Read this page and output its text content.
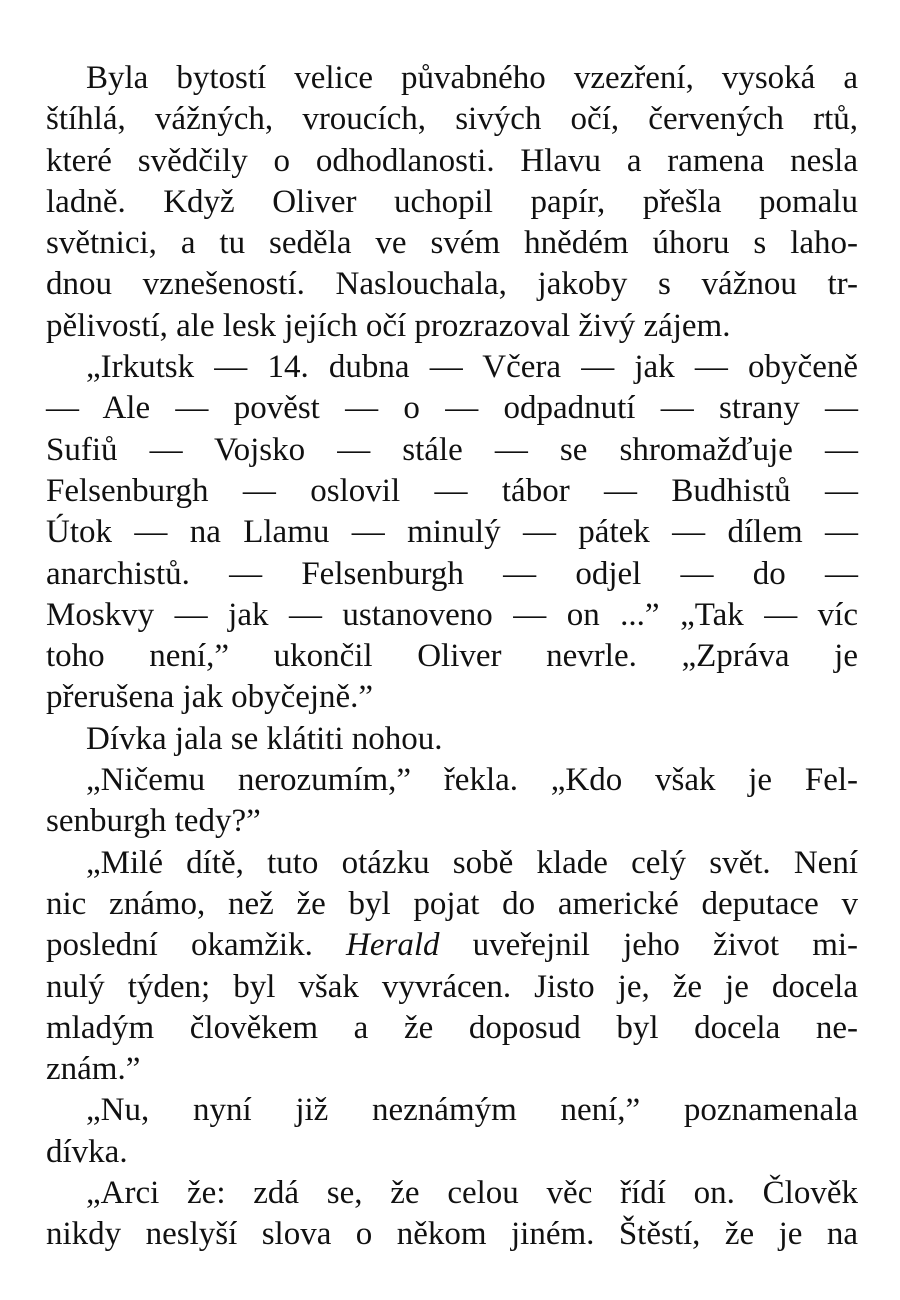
Byla bytostí velice půvabného vzezření, vysoká a
štíhlá, vážných, vroucích, sivých očí, červených rtů,
které svědčily o odhodlanosti. Hlavu a ramena nesla
ladně. Když Oliver uchopil papír, přešla pomalu
světnici, a tu seděla ve svém hnědém úhoru s laho-
dnou vznešeností. Naslouchala, jakoby s vážnou tr-
pělivostí, ale lesk jejích očí prozrazoval živý zájem.
„Irkutsk — 14. dubna — Včera — jak — obyčeně
— Ale — pověst — o — odpadnutí — strany —
Sufiů — Vojsko — stále — se shromažďuje —
Felsenburgh — oslovil — tábor — Budhistů —
Útok — na Llamu — minulý — pátek — dílem —
anarchistů. — Felsenburgh — odjel — do —
Moskvy — jak — ustanoveno — on ...” „Tak — víc
toho není,” ukončil Oliver nevrle. „Zpráva je
přerušena jak obyčejně.”
Dívka jala se klátiti nohou.
„Ničemu nerozumím,” řekla. „Kdo však je Fel-
senburgh tedy?”
„Milé dítě, tuto otázku sobě klade celý svět. Není
nic známo, než že byl pojat do americké deputace v
poslední okamžik. Herald uveřejnil jeho život mi-
nulý týden; byl však vyvrácen. Jisto je, že je docela
mladým člověkem a že doposud byl docela ne-
znám.”
„Nu, nyní již neznámým není,” poznamenala
dívka.
„Arci že: zdá se, že celou věc řídí on. Člověk
nikdy neslyší slova o někom jiném. Štěstí, že je na
